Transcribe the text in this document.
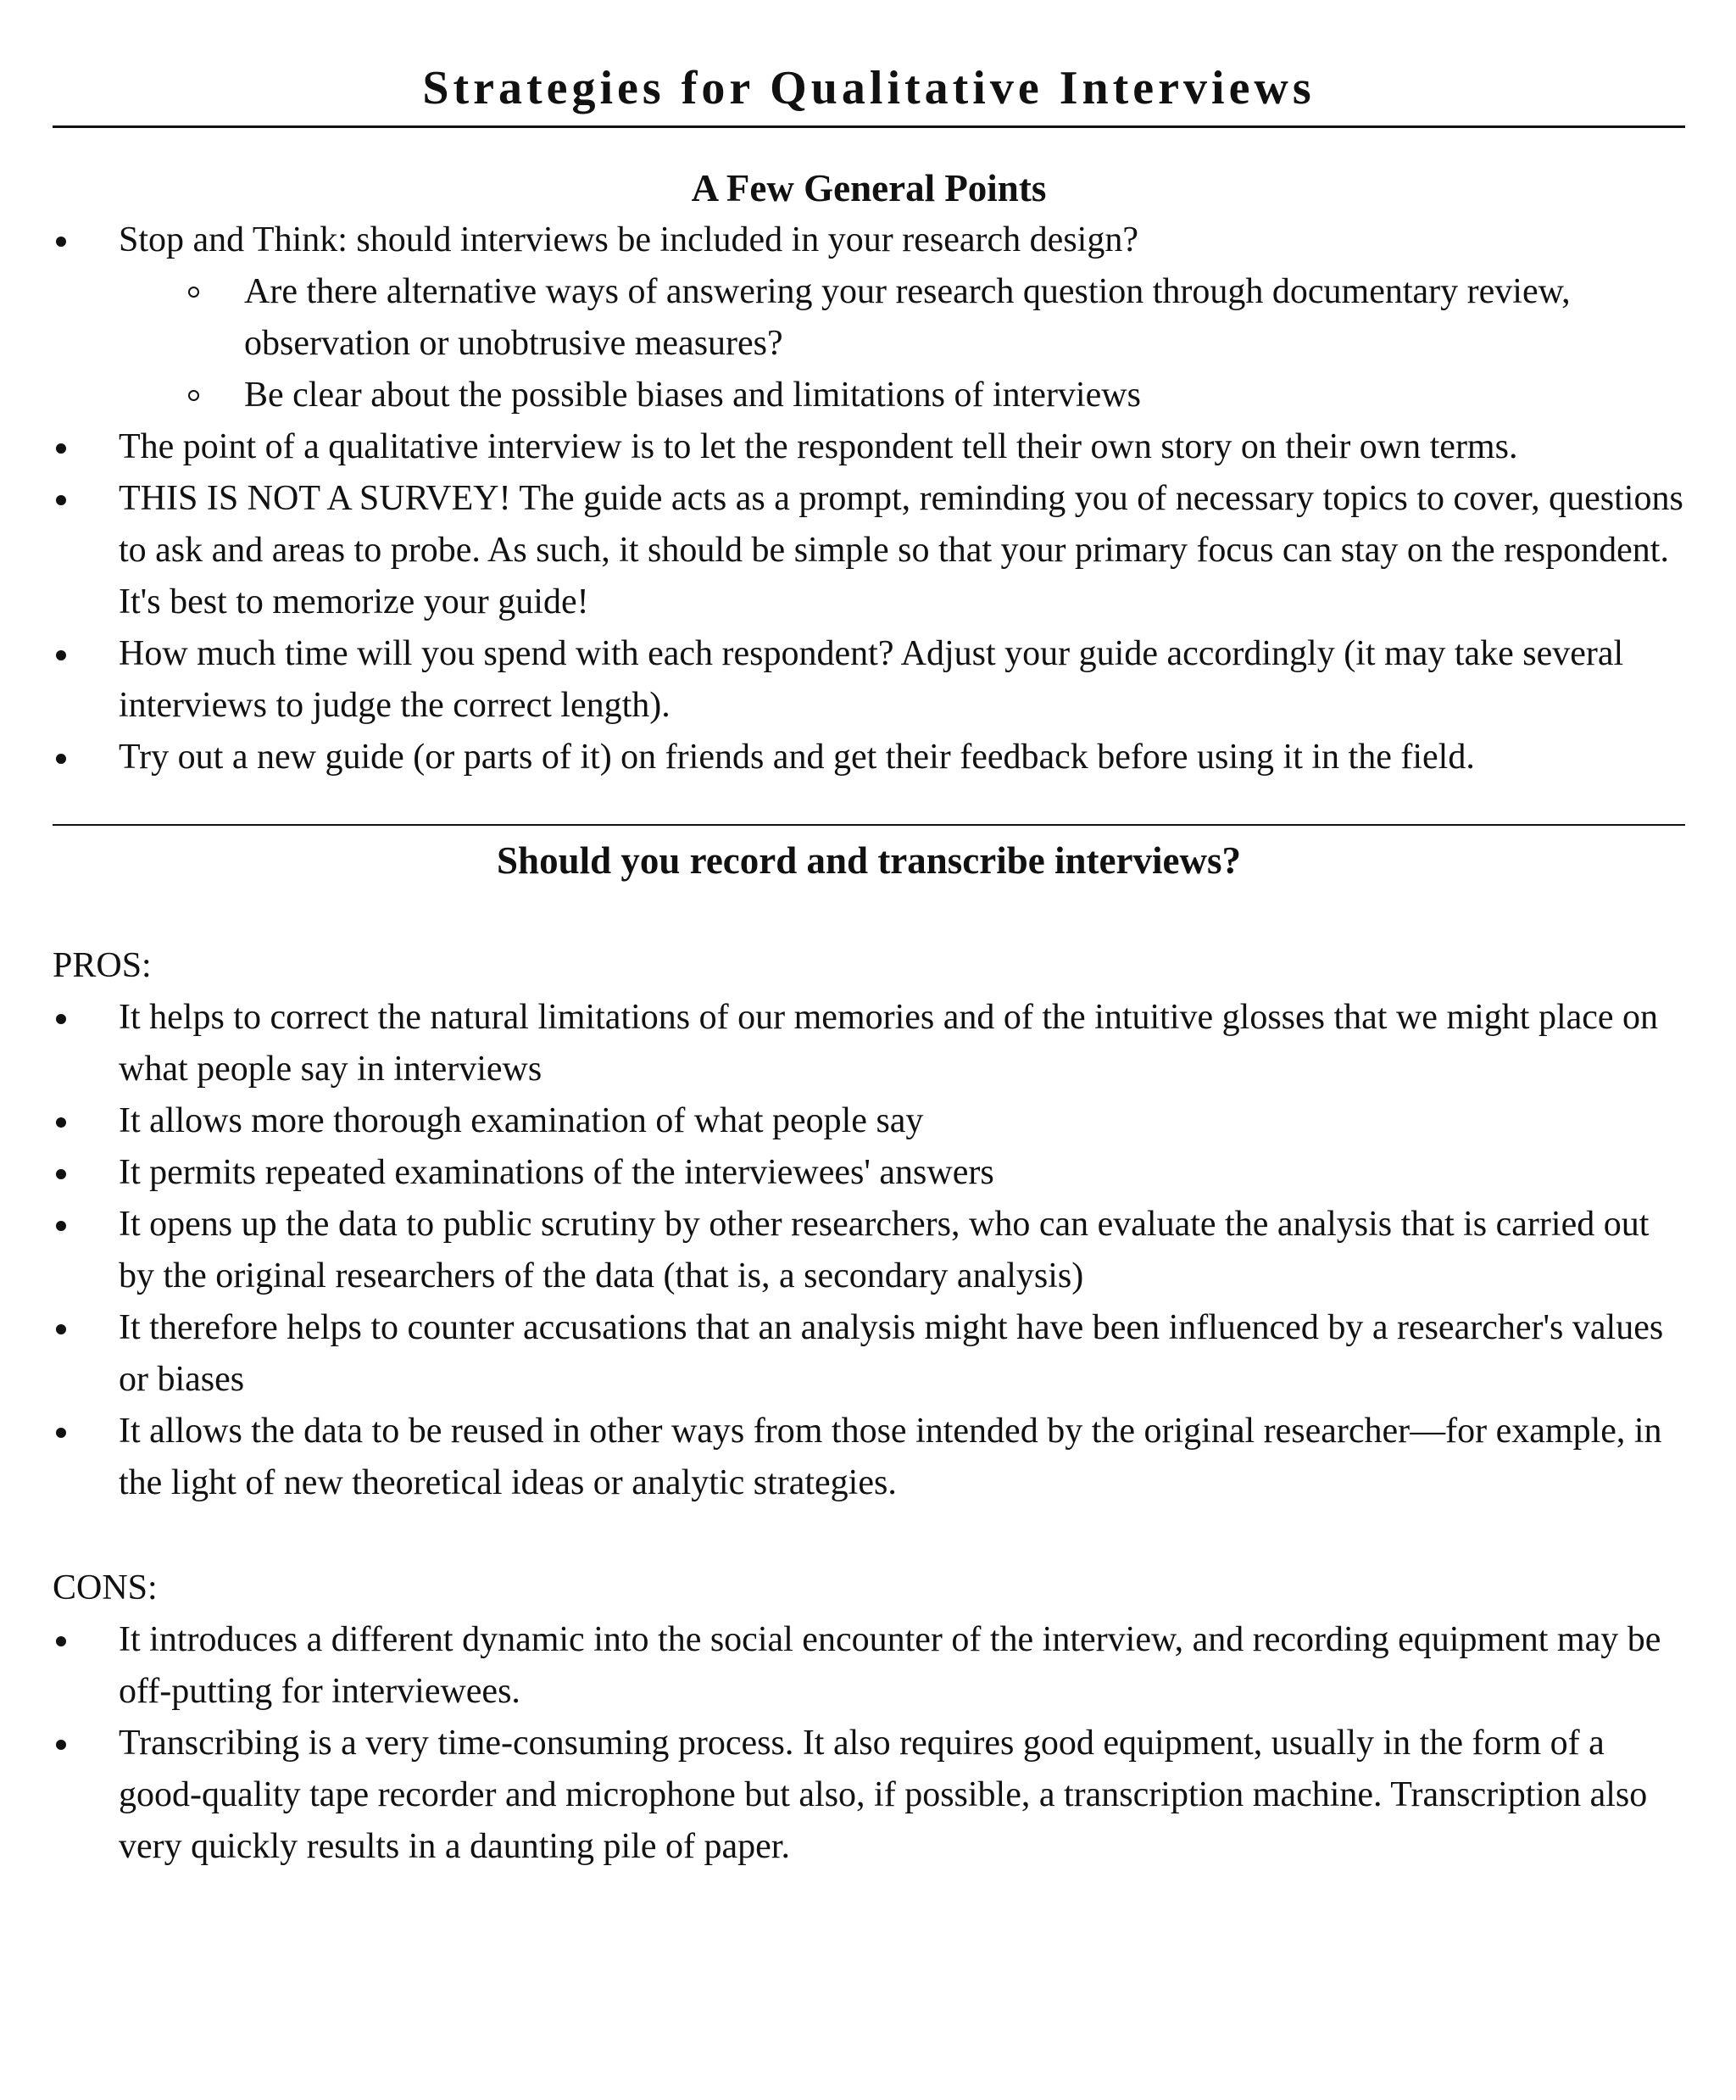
Strategies for Qualitative Interviews
A Few General Points
Stop and Think: should interviews be included in your research design?
Are there alternative ways of answering your research question through documentary review, observation or unobtrusive measures?
Be clear about the possible biases and limitations of interviews
The point of a qualitative interview is to let the respondent tell their own story on their own terms.
THIS IS NOT A SURVEY! The guide acts as a prompt, reminding you of necessary topics to cover, questions to ask and areas to probe. As such, it should be simple so that your primary focus can stay on the respondent. It's best to memorize your guide!
How much time will you spend with each respondent? Adjust your guide accordingly (it may take several interviews to judge the correct length).
Try out a new guide (or parts of it) on friends and get their feedback before using it in the field.
Should you record and transcribe interviews?

PROS:

It helps to correct the natural limitations of our memories and of the intuitive glosses that we might place on what people say in interviews
It allows more thorough examination of what people say
It permits repeated examinations of the interviewees' answers
It opens up the data to public scrutiny by other researchers, who can evaluate the analysis that is carried out by the original researchers of the data (that is, a secondary analysis)
It therefore helps to counter accusations that an analysis might have been influenced by a researcher's values or biases
It allows the data to be reused in other ways from those intended by the original researcher—for example, in the light of new theoretical ideas or analytic strategies.

CONS:

It introduces a different dynamic into the social encounter of the interview, and recording equipment may be off-putting for interviewees.
Transcribing is a very time-consuming process. It also requires good equipment, usually in the form of a good-quality tape recorder and microphone but also, if possible, a transcription machine. Transcription also very quickly results in a daunting pile of paper.
